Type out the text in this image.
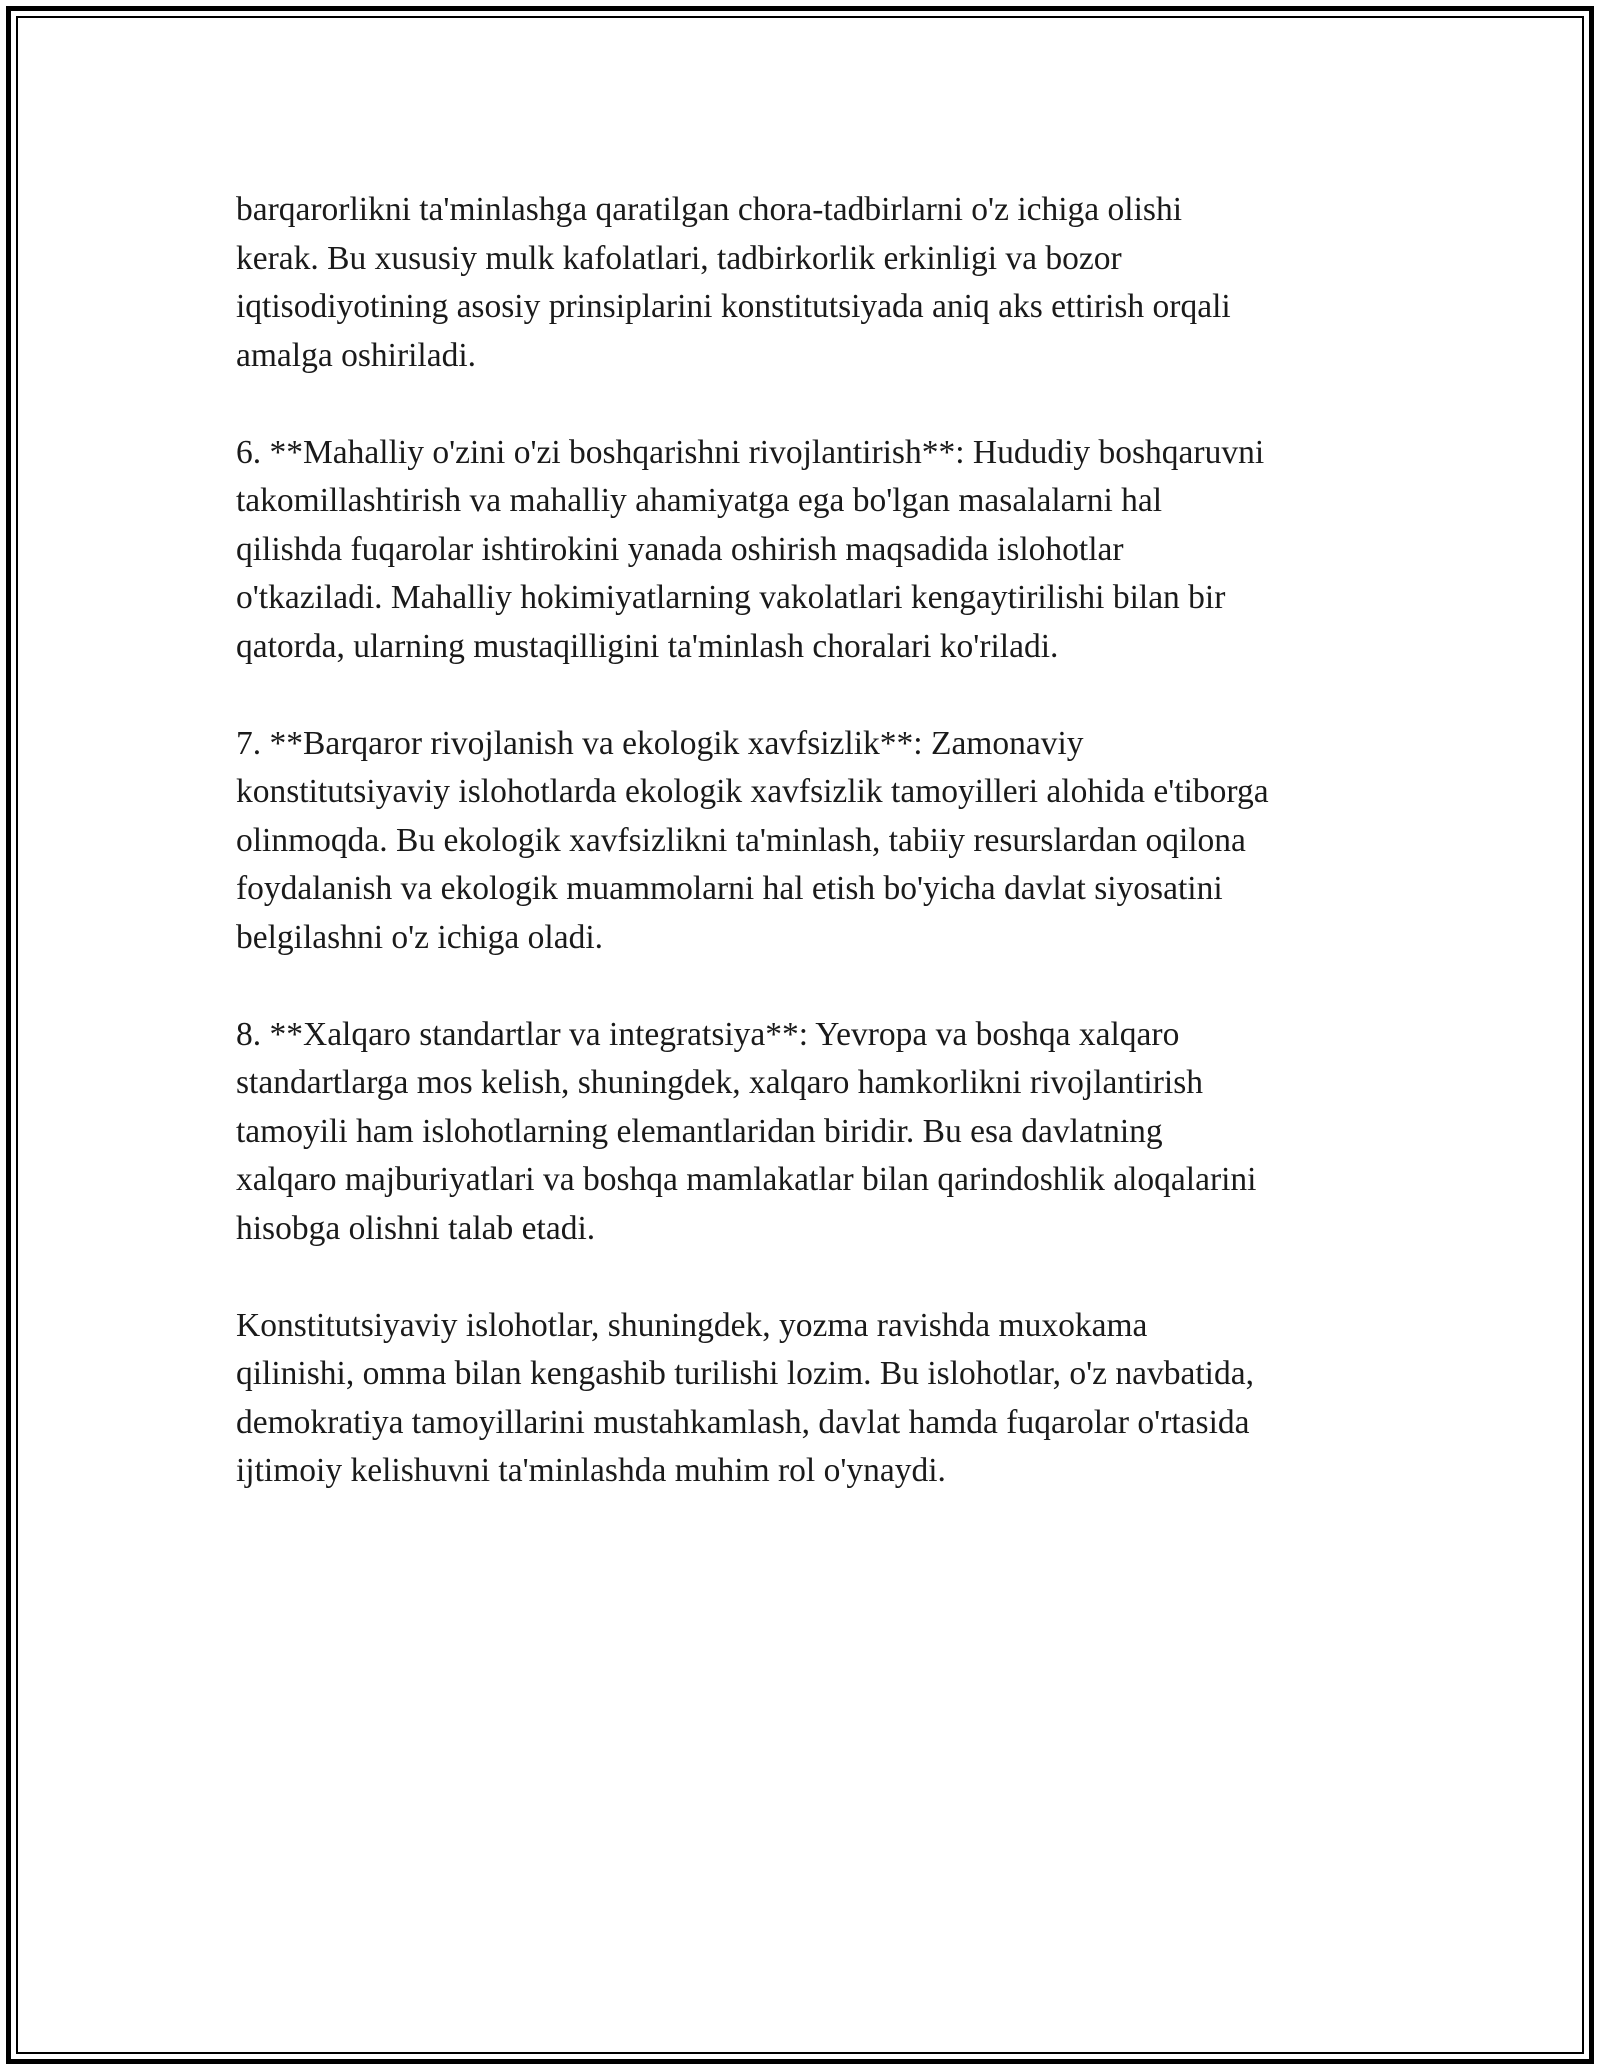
barqarorlikni ta'minlashga qaratilgan chora-tadbirlarni o'z ichiga olishi
kerak. Bu xususiy mulk kafolatlari, tadbirkorlik erkinligi va bozor
iqtisodiyotining asosiy prinsiplarini konstitutsiyada aniq aks ettirish orqali
amalga oshiriladi.

6. **Mahalliy o'zini o'zi boshqarishni rivojlantirish**: Hududiy boshqaruvni
takomillashtirish va mahalliy ahamiyatga ega bo'lgan masalalarni hal
qilishda fuqarolar ishtirokini yanada oshirish maqsadida islohotlar
o'tkaziladi. Mahalliy hokimiyatlarning vakolatlari kengaytirilishi bilan bir
qatorda, ularning mustaqilligini ta'minlash choralari ko'riladi.

7. **Barqaror rivojlanish va ekologik xavfsizlik**: Zamonaviy
konstitutsiyaviy islohotlarda ekologik xavfsizlik tamoyilleri alohida e'tiborga
olinmoqda. Bu ekologik xavfsizlikni ta'minlash, tabiiy resurslardan oqilona
foydalanish va ekologik muammolarni hal etish bo'yicha davlat siyosatini
belgilashni o'z ichiga oladi.

8. **Xalqaro standartlar va integratsiya**: Yevropa va boshqa xalqaro
standartlarga mos kelish, shuningdek, xalqaro hamkorlikni rivojlantirish
tamoyili ham islohotlarning elemantlaridan biridir. Bu esa davlatning
xalqaro majburiyatlari va boshqa mamlakatlar bilan qarindoshlik aloqalarini
hisobga olishni talab etadi.

Konstitutsiyaviy islohotlar, shuningdek, yozma ravishda muxokama
qilinishi, omma bilan kengashib turilishi lozim. Bu islohotlar, o'z navbatida,
demokratiya tamoyillarini mustahkamlash, davlat hamda fuqarolar o'rtasida
ijtimoiy kelishuvni ta'minlashda muhim rol o'ynaydi.
